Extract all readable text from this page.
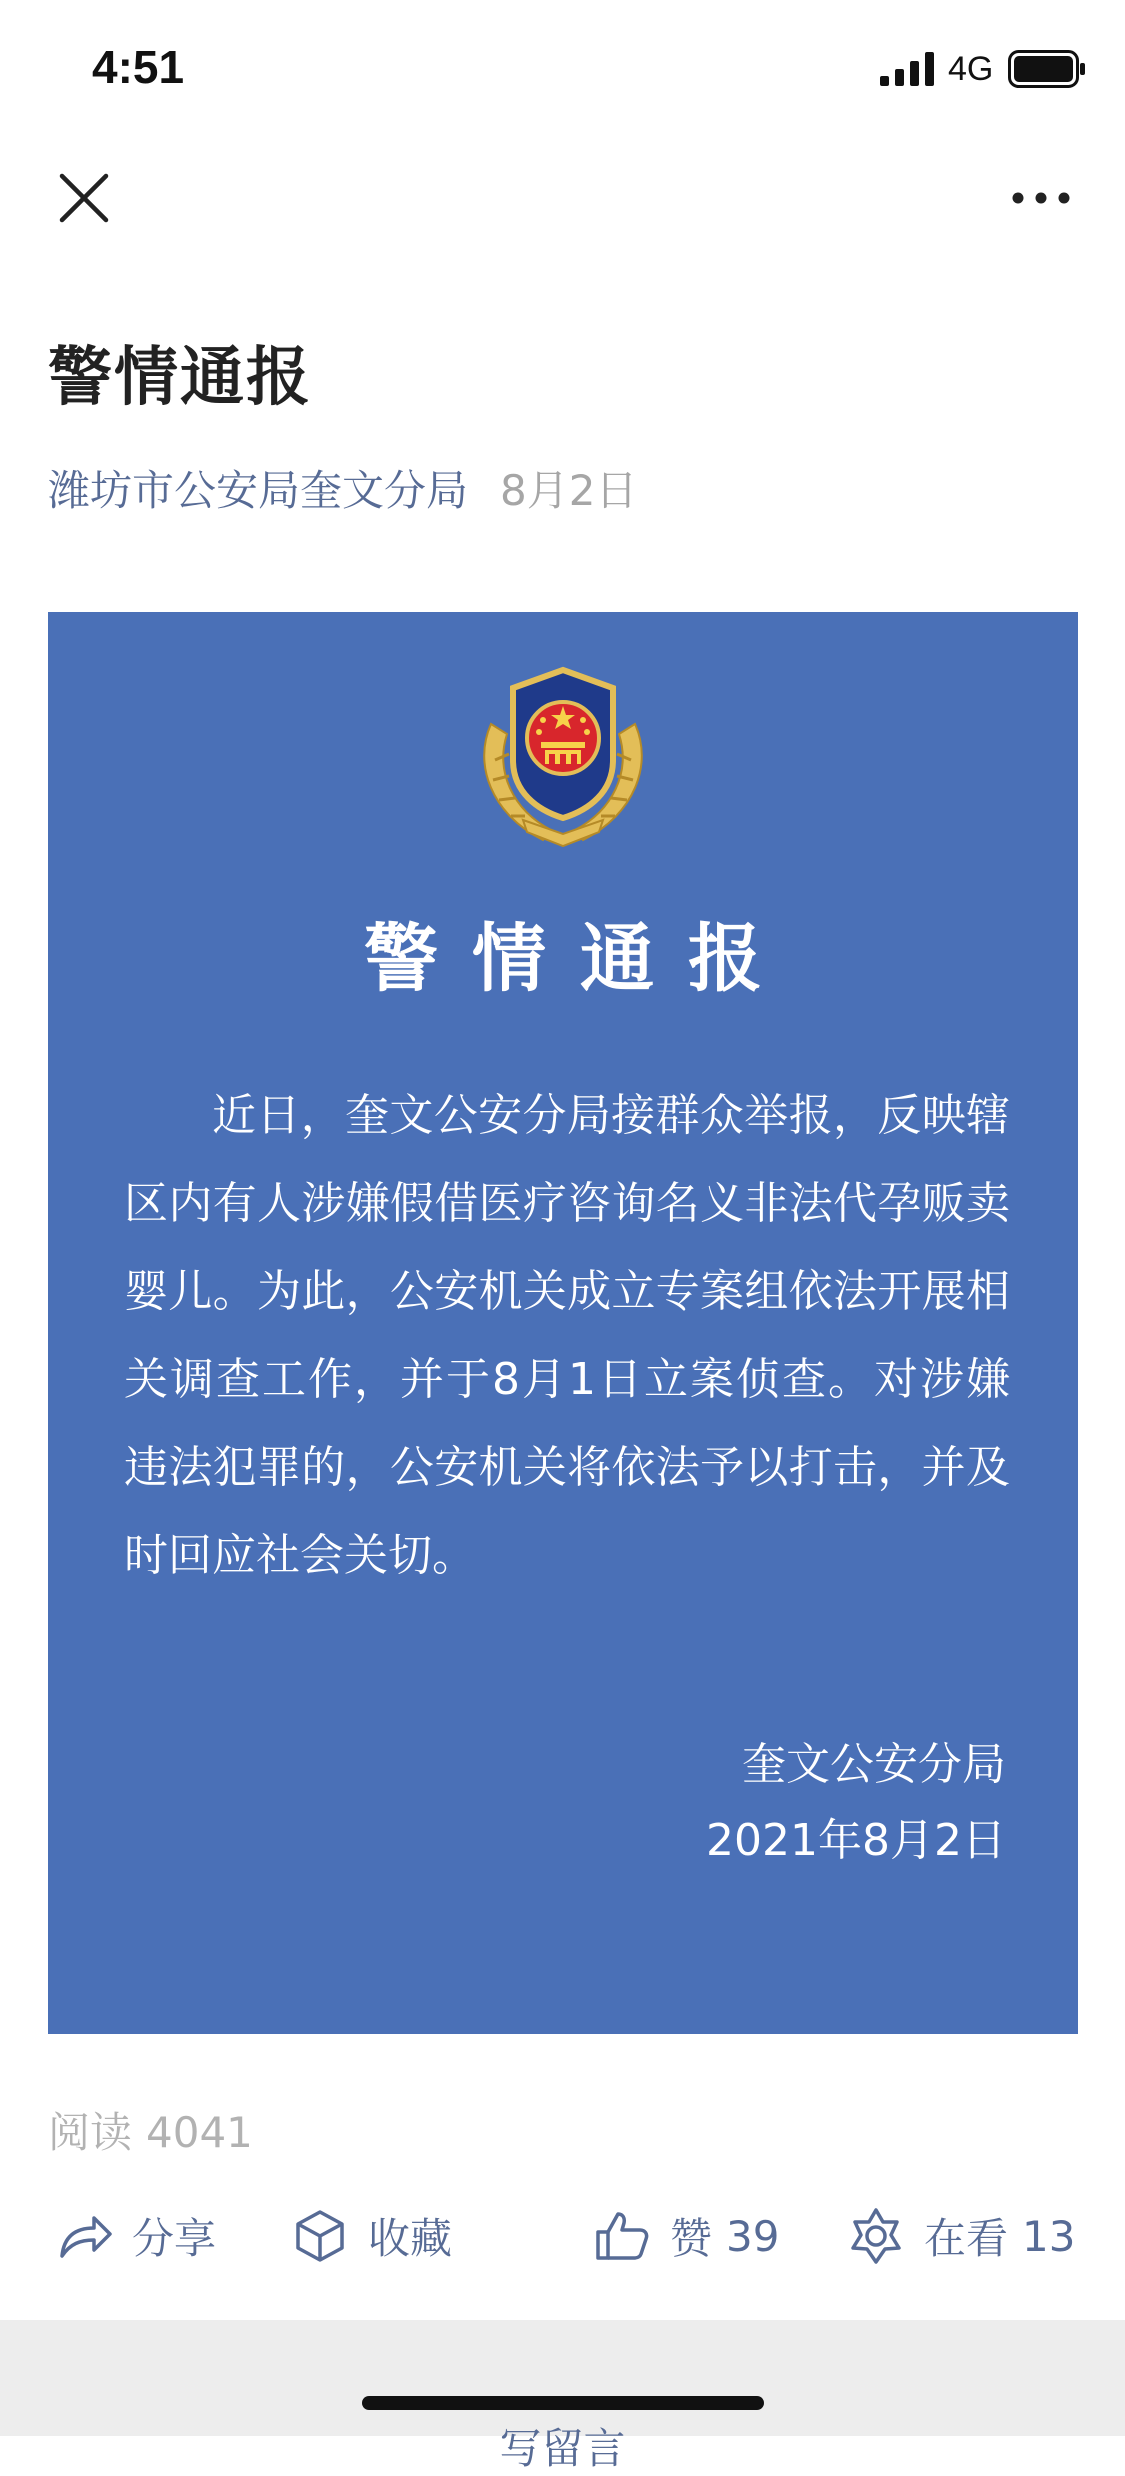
4:51	4G
警情通报
潍坊市公安局奎文分局 8月2日
警情通报
近日，奎文公安分局接群众举报，反映辖区内有人涉嫌假借医疗咨询名义非法代孕贩卖婴儿。为此，公安机关成立专案组依法开展相关调查工作，并于8月1日立案侦查。对涉嫌违法犯罪的，公安机关将依法予以打击，并及时回应社会关切。
奎文公安分局
2021年8月2日
阅读 4041
分享	收藏	赞 39	在看 13
写留言
